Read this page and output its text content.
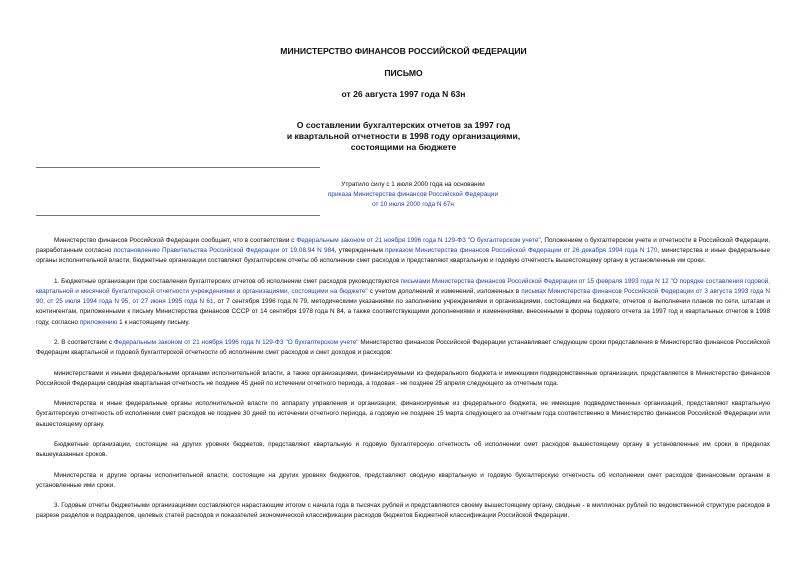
МИНИСТЕРСТВО ФИНАНСОВ РОССИЙСКОЙ ФЕДЕРАЦИИ
ПИСЬМО
от 26 августа 1997 года N 63н
О составлении бухгалтерских отчетов за 1997 год
и квартальной отчетности в 1998 году организациями,
состоящими на бюджете
Утратило силу с 1 июля 2000 года на основании
приказа Министерства финансов Российской Федерации
от 10 июля 2000 года N 67н

Министерство финансов Российской Федерации сообщает, что в соответствии с Федеральным законом от 21 ноября 1996 года N 129-ФЗ "О бухгалтерском учете", Положением о бухгалтерском учете и отчетности в Российской Федерации, разработанным согласно постановлению Правительства Российской Федерации от 19.08.94 N 984, утвержденным приказом Министерства финансов Российской Федерации от 26 декабря 1994 года N 170, министерства и иные федеральные органы исполнительной власти, бюджетные организации составляют бухгалтерские отчеты об исполнении смет расходов и представляют квартальную и годовую отчетность вышестоящему органу в установленные им сроки.

1. Бюджетные организации при составлении бухгалтерских отчетов об исполнении смет расходов руководствуются письмами Министерства финансов Российской Федерации от 15 февраля 1993 года N 12 "О порядке составления годовой, квартальной и месячной бухгалтерской отчетности учреждениями и организациями, состоящими на бюджете" с учетом дополнений и изменений, изложенных в письмах Министерства финансов Российской Федерации от 3 августа 1993 года N 90, от 25 июля 1994 года N 95, от 27 июня 1995 года N 61, от 7 сентября 1996 года N 79, методическими указаниями по заполнению учреждениями и организациями, состоящими на бюджете, отчетов о выполнении планов по сети, штатам и контингентам, приложенными к письму Министерства финансов СССР от 14 сентября 1978 года N 84, а также соответствующими дополнениями и изменениями, внесенными в формы годового отчета за 1997 год и квартальных отчетов в 1998 году, согласно приложению 1 к настоящему письму.

2. В соответствии с Федеральным законом от 21 ноября 1996 года N 129-ФЗ "О бухгалтерском учете" Министерство финансов Российской Федерации устанавливает следующие сроки представления в Министерство финансов Российской Федерации квартальной и годовой бухгалтерской отчетности об исполнении смет расходов и смет доходов и расходов:

министерствами и иными федеральными органами исполнительной власти, а также организациями, финансируемыми из федерального бюджета и имеющими подведомственные организации, представляется в Министерство финансов Российской Федерации сводная квартальная отчетность не позднее 45 дней по истечении отчетного периода, а годовая - не позднее 25 апреля следующего за отчетным года.

Министерства и иные федеральные органы исполнительной власти по аппарату управления и организации, финансируемые из федерального бюджета, не имеющие подведомственных организаций, представляют квартальную бухгалтерскую отчетность об исполнении смет расходов не позднее 30 дней по истечении отчетного периода, а годовую не позднее 15 марта следующего за отчетным года соответственно в Министерство финансов Российской Федерации или вышестоящему органу.

Бюджетные организации, состоящие на других уровнях бюджетов, представляют квартальную и годовую бухгалтерскую отчетность об исполнении смет расходов вышестоящему органу в установленные им сроки в пределах вышеуказанных сроков.

Министерства и другие органы исполнительной власти, состоящие на других уровнях бюджетов, представляют сводную квартальную и годовую бухгалтерскую отчетность об исполнении смет расходов финансовым органам в установленные ими сроки.

3. Годовые отчеты бюджетными организациями составляются нарастающим итогом с начала года в тысячах рублей и представляются своему вышестоящему органу, сводные - в миллионах рублей по ведомственной структуре расходов в разрезе разделов и подразделов, целевых статей расходов и показателей экономической классификации расходов бюджетов Бюджетной классификации Российской Федерации.
